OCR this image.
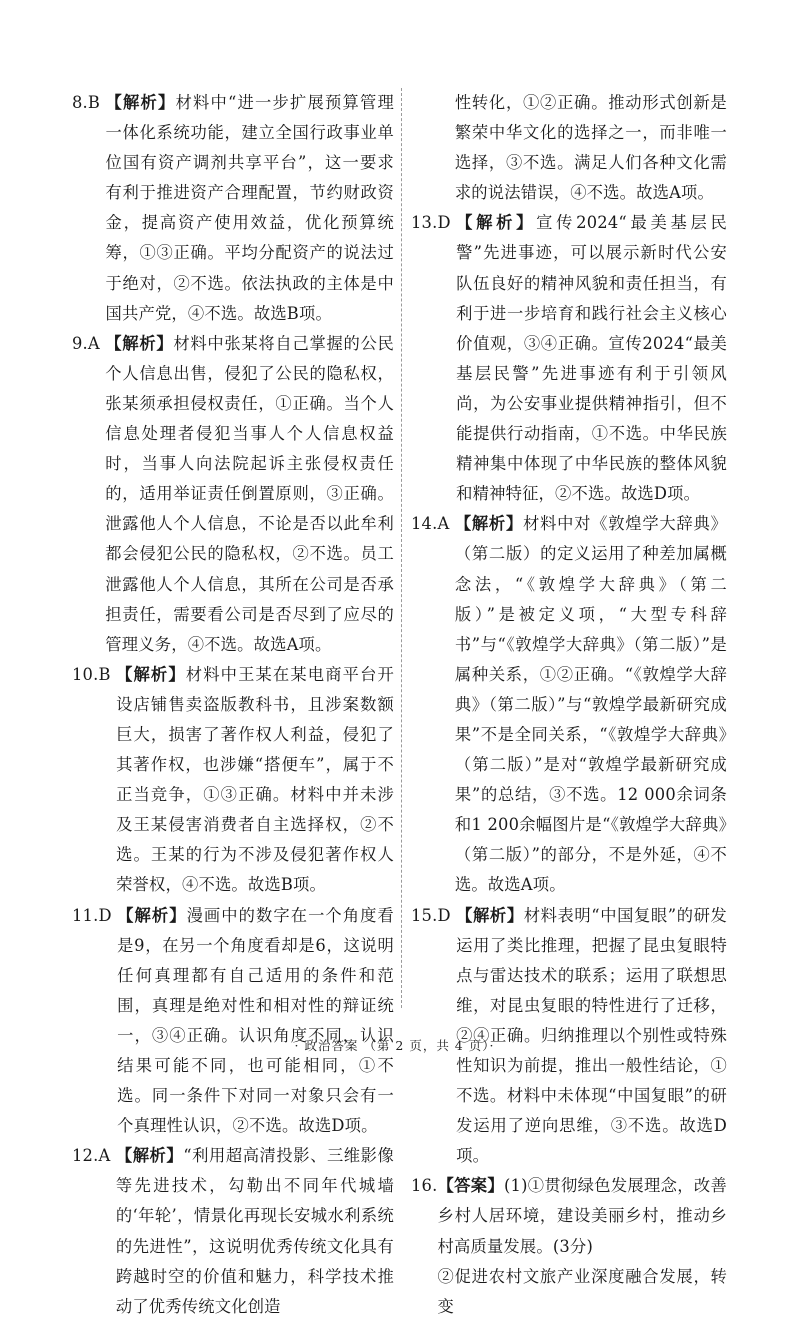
8.B
【解析】材料中“进一步扩展预算管理一体化系统功能，建立全国行政事业单位国有资产调剂共享平台”，这一要求有利于推进资产合理配置，节约财政资金，提高资产使用效益，优化预算统筹，①③正确。平均分配资产的说法过于绝对，②不选。依法执政的主体是中国共产党，④不选。故选B项。
9.A
【解析】材料中张某将自己掌握的公民个人信息出售，侵犯了公民的隐私权，张某须承担侵权责任，①正确。当个人信息处理者侵犯当事人个人信息权益时，当事人向法院起诉主张侵权责任的，适用举证责任倒置原则，③正确。泄露他人个人信息，不论是否以此牟利都会侵犯公民的隐私权，②不选。员工泄露他人个人信息，其所在公司是否承担责任，需要看公司是否尽到了应尽的管理义务，④不选。故选A项。
10.B
【解析】材料中王某在某电商平台开设店铺售卖盗版教科书，且涉案数额巨大，损害了著作权人利益，侵犯了其著作权，也涉嫌“搭便车”，属于不正当竞争，①③正确。材料中并未涉及王某侵害消费者自主选择权，②不选。王某的行为不涉及侵犯著作权人荣誉权，④不选。故选B项。
11.D
【解析】漫画中的数字在一个角度看是9，在另一个角度看却是6，这说明任何真理都有自己适用的条件和范围，真理是绝对性和相对性的辩证统一，③④正确。认识角度不同，认识结果可能不同，也可能相同，①不选。同一条件下对同一对象只会有一个真理性认识，②不选。故选D项。
12.A
【解析】“利用超高清投影、三维影像等先进技术，勾勒出不同年代城墙的‘年轮’，情景化再现长安城水利系统的先进性”，这说明优秀传统文化具有跨越时空的价值和魅力，科学技术推动了优秀传统文化创造
性转化，①②正确。推动形式创新是繁荣中华文化的选择之一，而非唯一选择，③不选。满足人们各种文化需求的说法错误，④不选。故选A项。
13.D
【解析】宣传2024“最美基层民警”先进事迹，可以展示新时代公安队伍良好的精神风貌和责任担当，有利于进一步培育和践行社会主义核心价值观，③④正确。宣传2024“最美基层民警”先进事迹有利于引领风尚，为公安事业提供精神指引，但不能提供行动指南，①不选。中华民族精神集中体现了中华民族的整体风貌和精神特征，②不选。故选D项。
14.A
【解析】材料中对《敦煌学大辞典》（第二版）的定义运用了种差加属概念法，“《敦煌学大辞典》（第二版）”是被定义项，“大型专科辞书”与“《敦煌学大辞典》（第二版）”是属种关系，①②正确。“《敦煌学大辞典》（第二版）”与“敦煌学最新研究成果”不是全同关系，“《敦煌学大辞典》（第二版）”是对“敦煌学最新研究成果”的总结，③不选。12 000余词条和1 200余幅图片是“《敦煌学大辞典》（第二版）”的部分，不是外延，④不选。故选A项。
15.D
【解析】材料表明“中国复眼”的研发运用了类比推理，把握了昆虫复眼特点与雷达技术的联系；运用了联想思维，对昆虫复眼的特性进行了迁移，②④正确。归纳推理以个别性或特殊性知识为前提，推出一般性结论，①不选。材料中未体现“中国复眼”的研发运用了逆向思维，③不选。故选D项。
16. 【答案】(1)①贯彻绿色发展理念，改善乡村人居环境，建设美丽乡村，推动乡村高质量发展。(3分)

②促进农村文旅产业深度融合发展，转变

· 政治答案 （第 2 页，共 4 页）·
